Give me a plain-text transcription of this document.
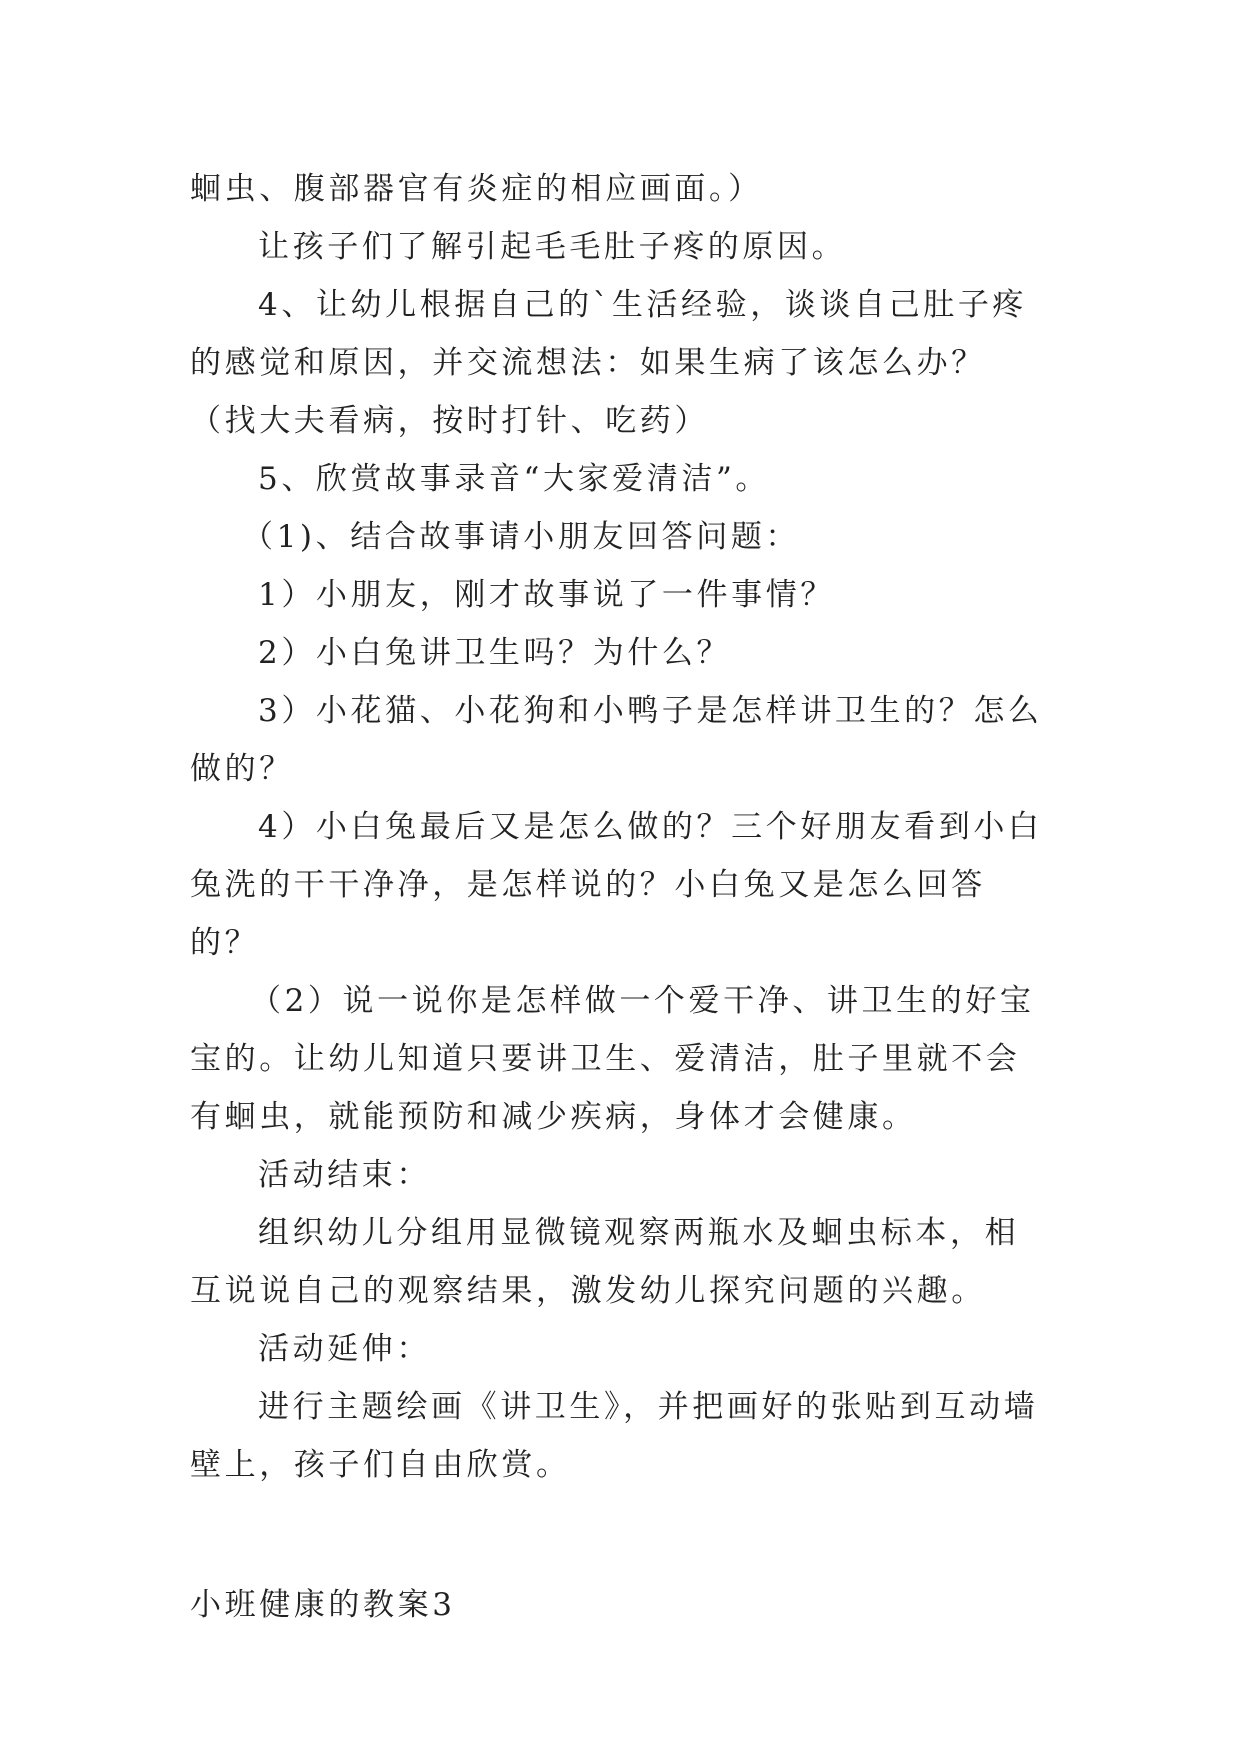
蛔虫、腹部器官有炎症的相应画面。）

让孩子们了解引起毛毛肚子疼的原因。

4、让幼儿根据自己的`生活经验，谈谈自己肚子疼的感觉和原因，并交流想法：如果生病了该怎么办？（找大夫看病，按时打针、吃药）

5、欣赏故事录音“大家爱清洁”。

（1)、结合故事请小朋友回答问题：

1）小朋友，刚才故事说了一件事情？

2）小白兔讲卫生吗？为什么？

3）小花猫、小花狗和小鸭子是怎样讲卫生的？怎么做的？

4）小白兔最后又是怎么做的？三个好朋友看到小白兔洗的干干净净，是怎样说的？小白兔又是怎么回答的？

（2）说一说你是怎样做一个爱干净、讲卫生的好宝宝的。让幼儿知道只要讲卫生、爱清洁，肚子里就不会有蛔虫，就能预防和减少疾病，身体才会健康。

活动结束：

组织幼儿分组用显微镜观察两瓶水及蛔虫标本，相互说说自己的观察结果，激发幼儿探究问题的兴趣。

活动延伸：

进行主题绘画《讲卫生》，并把画好的张贴到互动墙壁上，孩子们自由欣赏。

小班健康的教案3
